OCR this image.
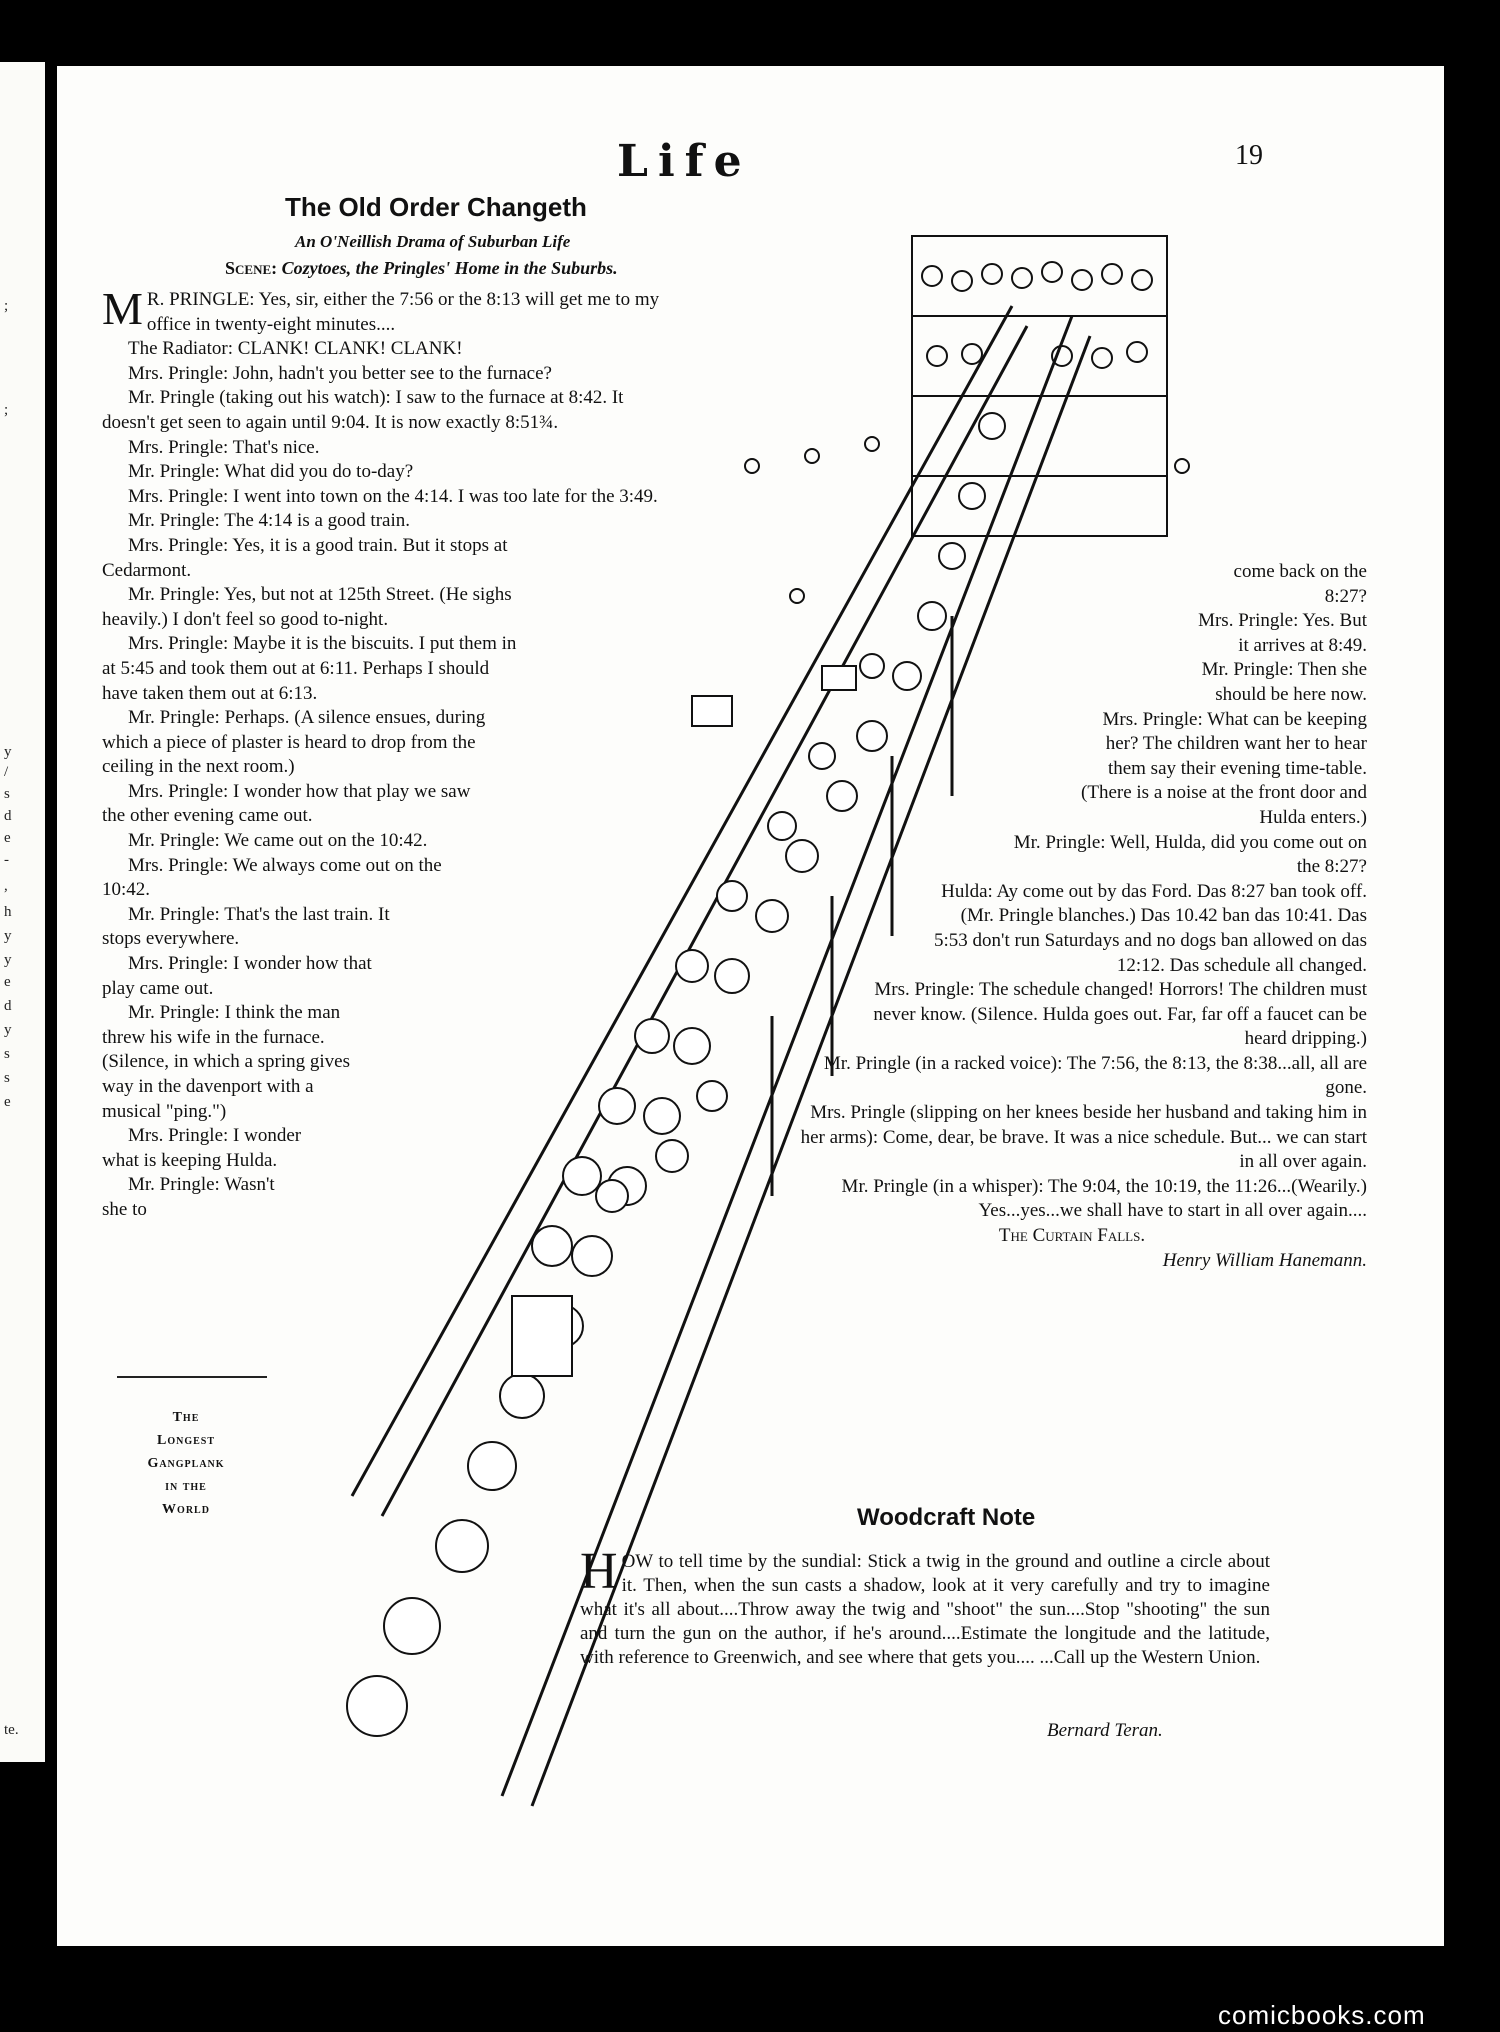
;
;
y
/
s
d
e
-
,
h
y
y
e
d
y
s
s
e
te.
Life	19
The Old Order Changeth
An O'Neillish Drama of Suburban Life
Scene: Cozytoes, the Pringles' Home in the Suburbs.

M R. PRINGLE: Yes, sir, either the 7:56 or the 8:13 will get me to my office in twenty-eight minutes....

The Radiator: CLANK! CLANK! CLANK!

Mrs. Pringle: John, hadn't you better see to the furnace?

Mr. Pringle (taking out his watch): I saw to the furnace at 8:42. It doesn't get seen to again until 9:04. It is now exactly 8:51¾.

Mrs. Pringle: That's nice.

Mr. Pringle: What did you do to-day?

Mrs. Pringle: I went into town on the 4:14. I was too late for the 3:49.

Mr. Pringle: The 4:14 is a good train.

Mrs. Pringle: Yes, it is a good train. But it stops at Cedarmont.

Mr. Pringle: Yes, but not at 125th Street. (He sighs heavily.) I don't feel so good to-night.

Mrs. Pringle: Maybe it is the biscuits. I put them in at 5:45 and took them out at 6:11. Perhaps I should have taken them out at 6:13.

Mr. Pringle: Perhaps. (A silence ensues, during which a piece of plaster is heard to drop from the ceiling in the next room.)

Mrs. Pringle: I wonder how that play we saw the other evening came out.

Mr. Pringle: We came out on the 10:42.

Mrs. Pringle: We always come out on the 10:42.

Mr. Pringle: That's the last train. It stops everywhere.

Mrs. Pringle: I wonder how that play came out.

Mr. Pringle: I think the man threw his wife in the furnace. (Silence, in which a spring gives way in the davenport with a musical "ping.")

Mrs. Pringle: I wonder what is keeping Hulda.

Mr. Pringle: Wasn't she to

The
Longest
Gangplank
in the
World

come back on the 8:27?

Mrs. Pringle: Yes. But it arrives at 8:49.

Mr. Pringle: Then she should be here now.

Mrs. Pringle: What can be keeping her? The children want her to hear them say their evening time-table. (There is a noise at the front door and Hulda enters.)

Mr. Pringle: Well, Hulda, did you come out on the 8:27?

Hulda: Ay come out by das Ford. Das 8:27 ban took off. (Mr. Pringle blanches.) Das 10.42 ban das 10:41. Das 5:53 don't run Saturdays and no dogs ban allowed on das 12:12. Das schedule all changed.

Mrs. Pringle: The schedule changed! Horrors! The children must never know. (Silence. Hulda goes out. Far, far off a faucet can be heard dripping.)

Mr. Pringle (in a racked voice): The 7:56, the 8:13, the 8:38...all, all are gone.

Mrs. Pringle (slipping on her knees beside her husband and taking him in her arms): Come, dear, be brave. It was a nice schedule. But... we can start in all over again.

Mr. Pringle (in a whisper): The 9:04, the 10:19, the 11:26...(Wearily.) Yes...yes...we shall have to start in all over again....

The Curtain Falls.

Henry William Hanemann.

Woodcraft Note
HOW to tell time by the sundial: Stick a twig in the ground and outline a circle about it. Then, when the sun casts a shadow, look at it very carefully and try to imagine what it's all about....Throw away the twig and "shoot" the sun....Stop "shooting" the sun and turn the gun on the author, if he's around....Estimate the longitude and the latitude, with reference to Greenwich, and see where that gets you.... ...Call up the Western Union.
Bernard Teran.
comicbooks.com
